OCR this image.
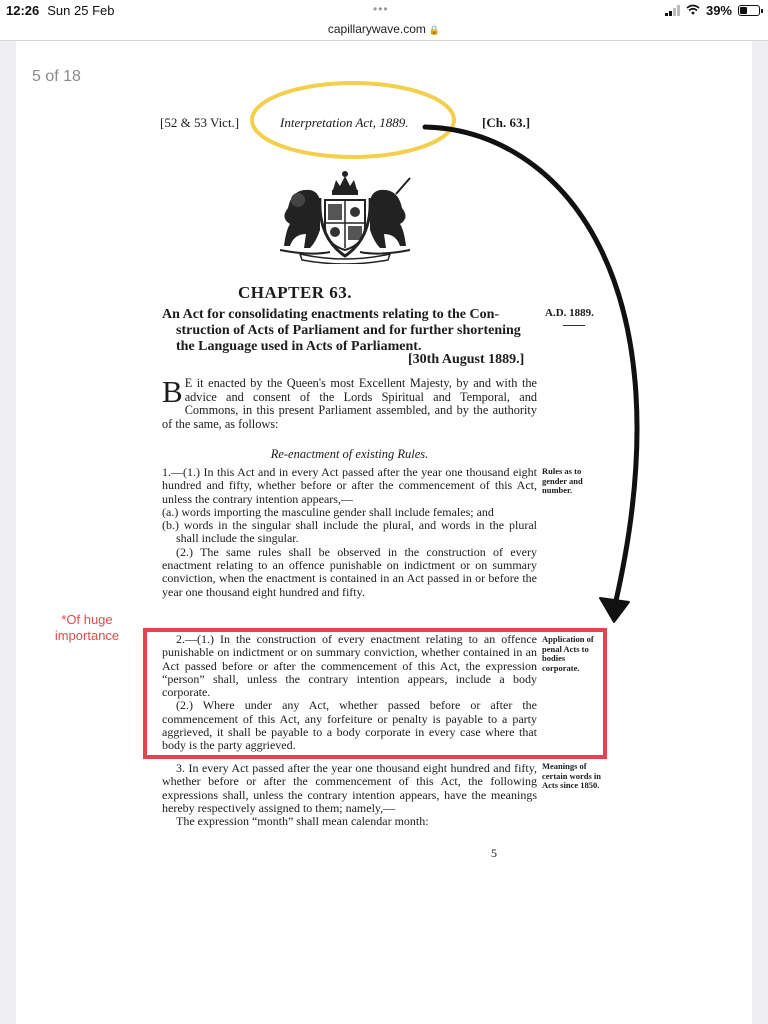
12:26 Sun 25 Feb	•••	39%
capillarywave.com 🔒
5 of 18
[52 & 53 Vict.]	Interpretation Act, 1889.	[Ch. 63.]
CHAPTER 63.
An Act for consolidating enactments relating to the Con-
struction of Acts of Parliament and for further shortening
the Language used in Acts of Parliament.
A.D. 1889.
[30th August 1889.]
B E it enacted by the Queen's most Excellent Majesty, by and with the advice and consent of the Lords Spiritual and Temporal, and Commons, in this present Parliament assembled, and by the authority of the same, as follows:
Re-enactment of existing Rules.

1.—(1.) In this Act and in every Act passed after the year one thousand eight hundred and fifty, whether before or after the commencement of this Act, unless the contrary intention appears,—

(a.) words importing the masculine gender shall include females; and

(b.) words in the singular shall include the plural, and words in the plural shall include the singular.

(2.) The same rules shall be observed in the construction of every enactment relating to an offence punishable on indictment or on summary conviction, when the enactment is contained in an Act passed in or before the year one thousand eight hundred and fifty.

2.—(1.) In the construction of every enactment relating to an offence punishable on indictment or on summary conviction, whether contained in an Act passed before or after the commencement of this Act, the expression “person” shall, unless the contrary intention appears, include a body corporate.

(2.) Where under any Act, whether passed before or after the commencement of this Act, any forfeiture or penalty is payable to a party aggrieved, it shall be payable to a body corporate in every case where that body is the party aggrieved.

3. In every Act passed after the year one thousand eight hundred and fifty, whether before or after the commencement of this Act, the following expressions shall, unless the contrary intention appears, have the meanings hereby respectively assigned to them; namely,—

The expression “month” shall mean calendar month:

Rules as to gender and number.
Application of penal Acts to bodies corporate.
Meanings of certain words in Acts since 1850.
5
*Of huge importance
